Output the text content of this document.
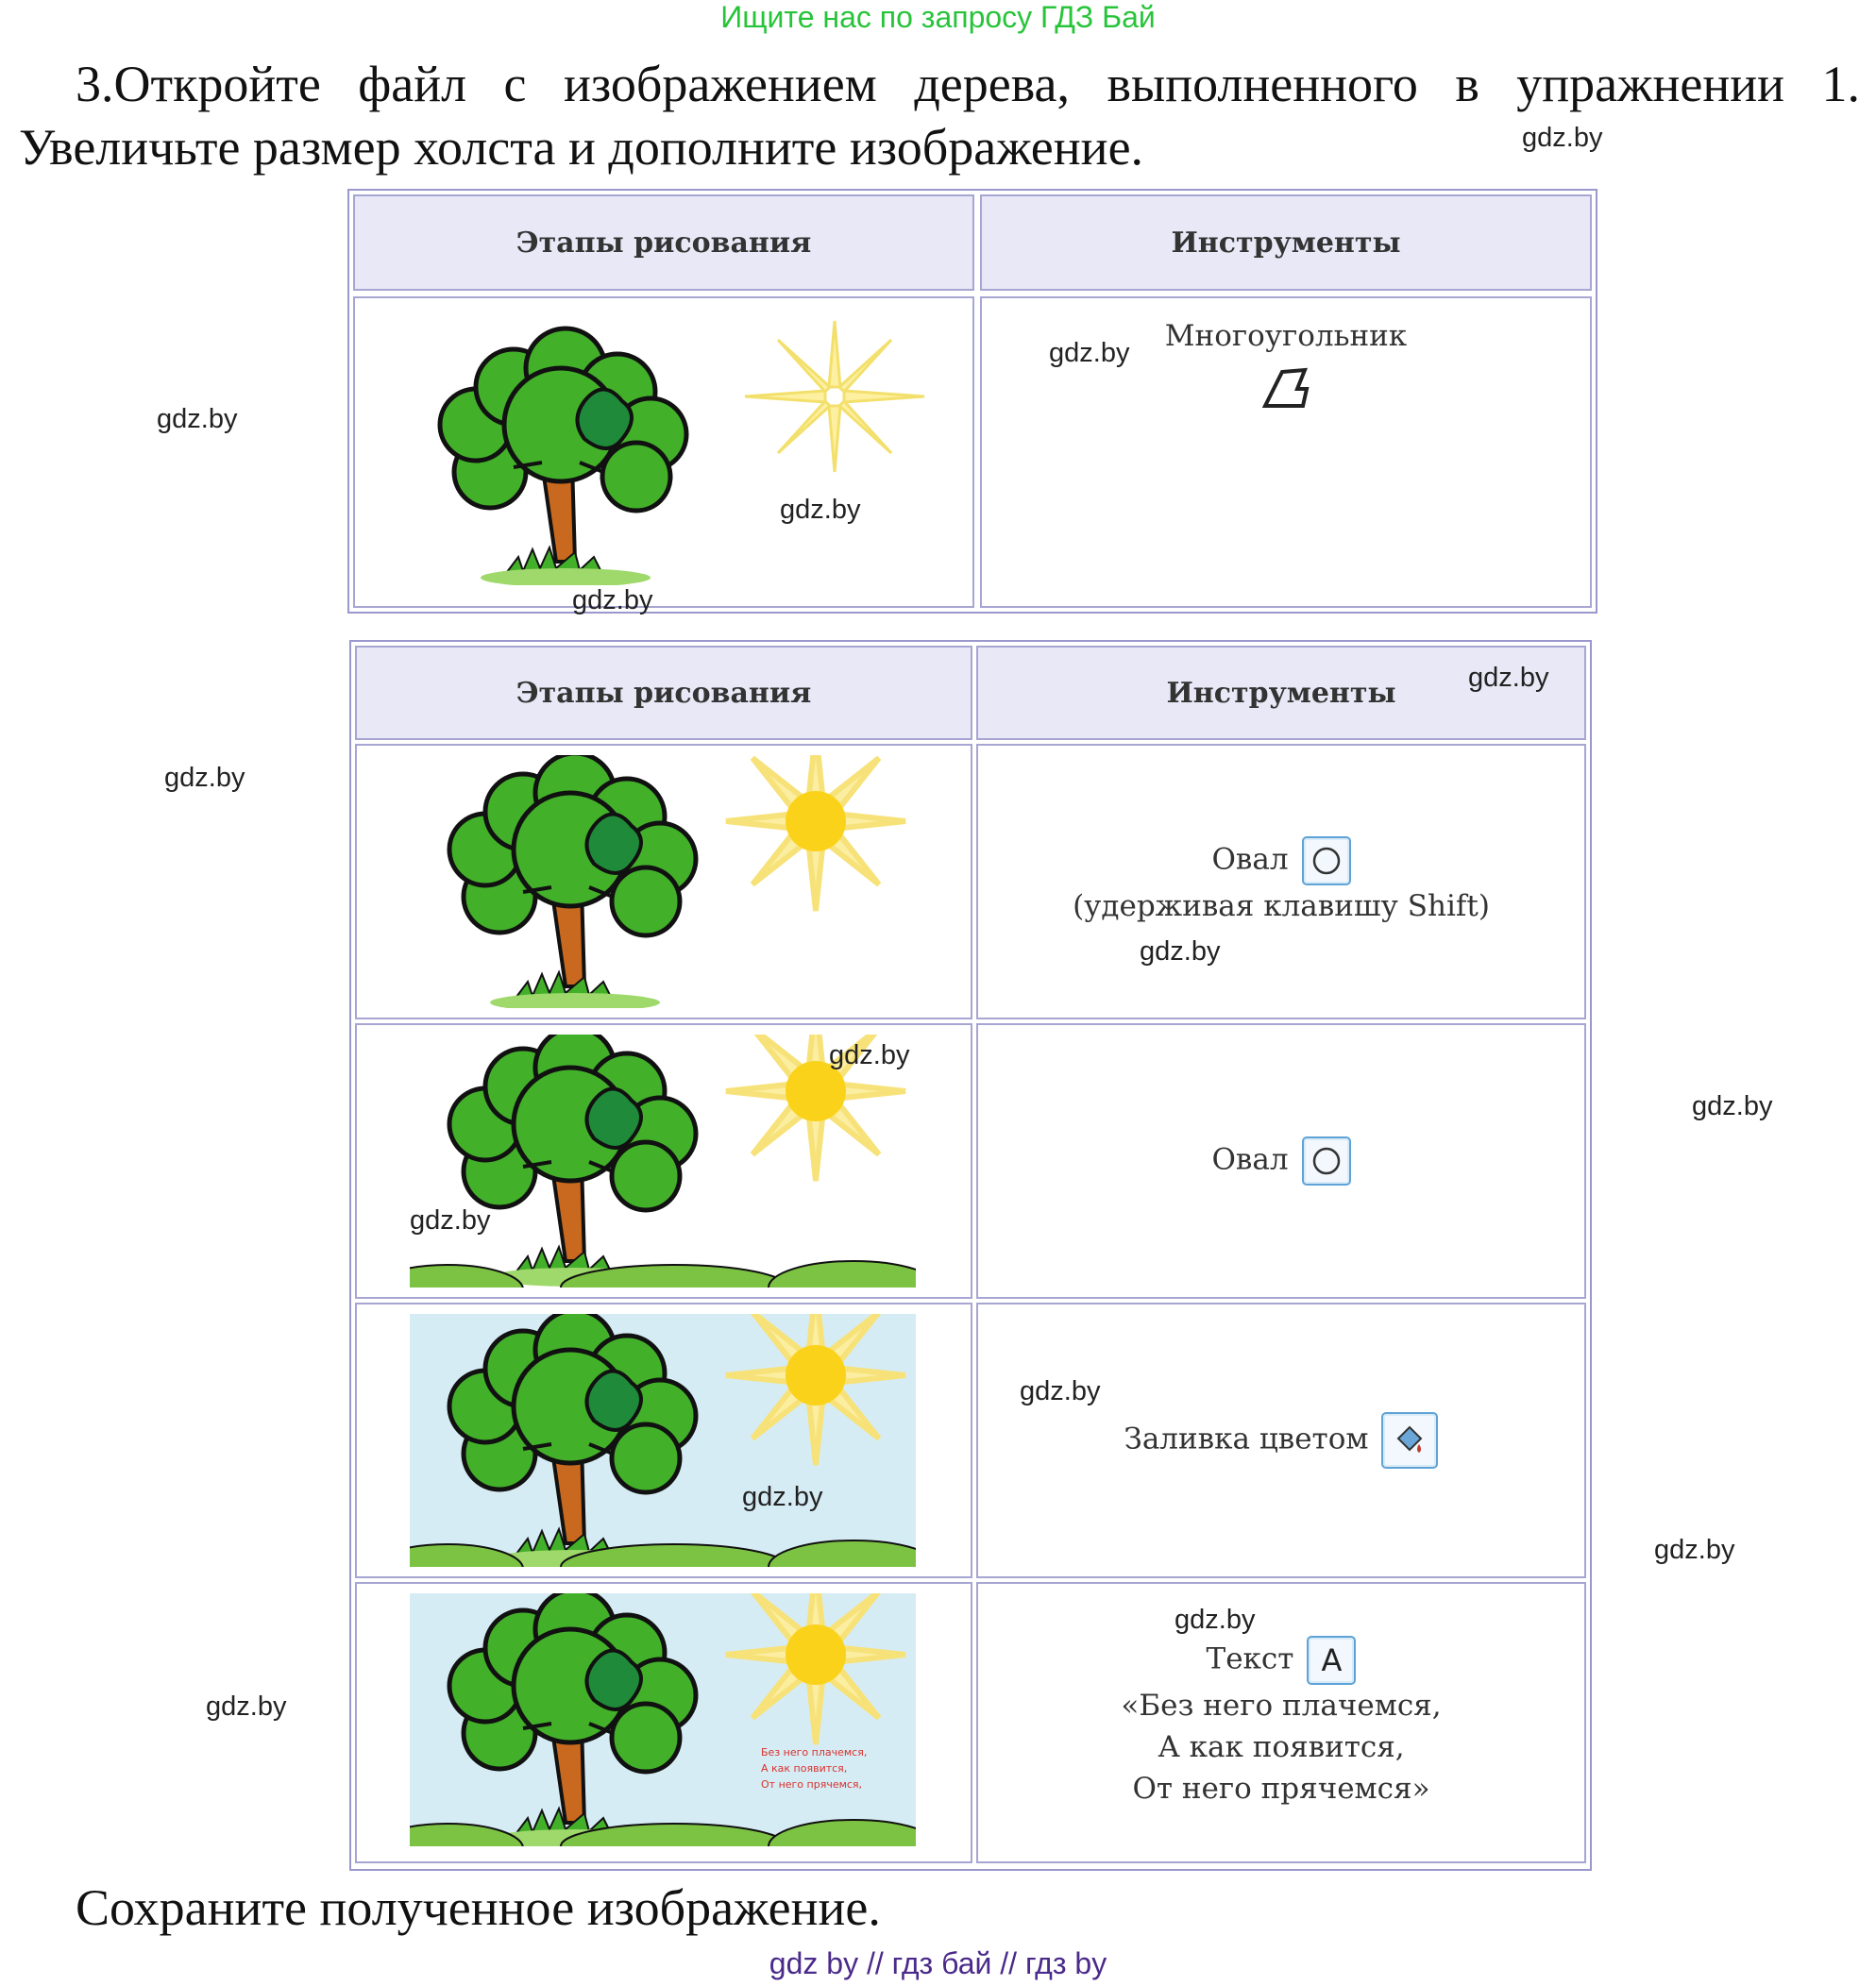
Ищите нас по запросу ГДЗ Бай
3.Откройте файл с изображением дерева, выполненного в упражнении 1.
Увеличьте размер холста и дополните изображение.
Этапы рисования	Инструменты
Многоугольник
Этапы рисования	Инструменты
Овал
(удерживая клавишу Shift)
Овал
Заливка цветом
Без него плачемся,
А как появится,
От него прячемся,
Текст A
«Без него плачемся,
А как появится,
От него прячемся»
Сохраните полученное изображение.
gdz by // гдз бай // гдз by
gdz.by
gdz.by
gdz.by
gdz.by
gdz.by
gdz.by
gdz.by
gdz.by
gdz.by
gdz.by
gdz.by
gdz.by
gdz.by
gdz.by
gdz.by
gdz.by
